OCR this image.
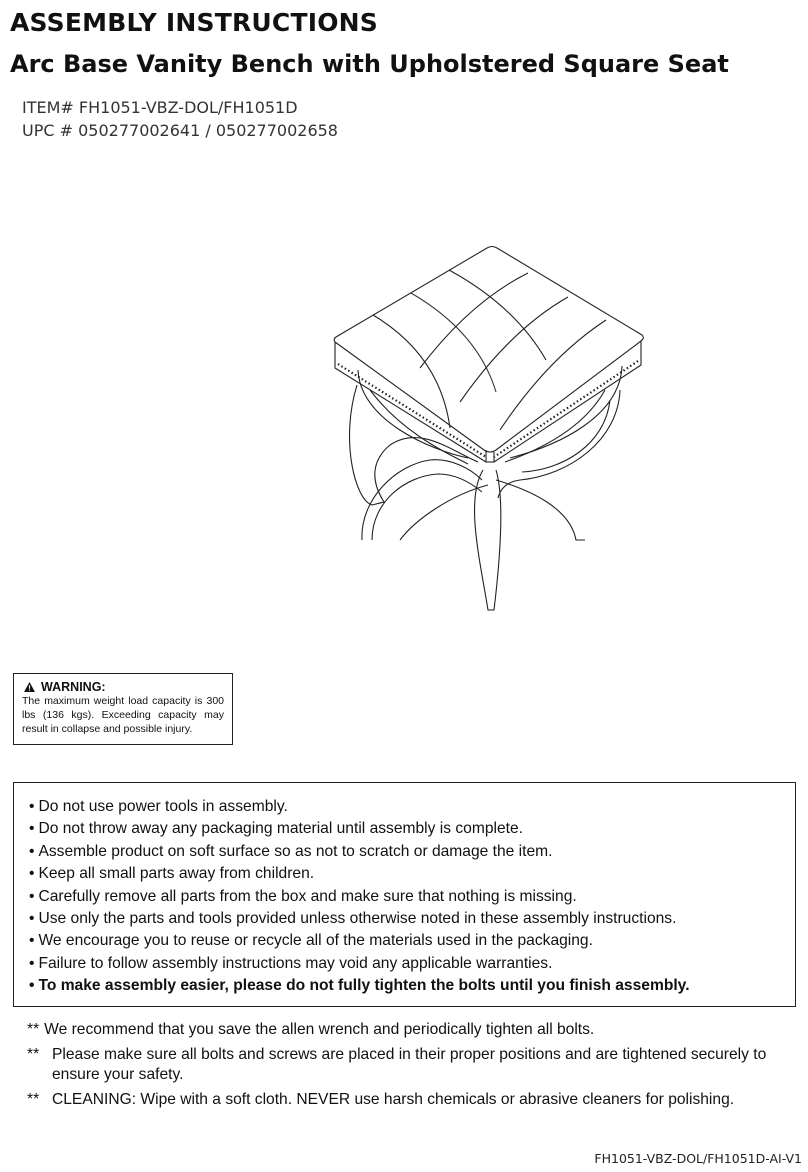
ASSEMBLY INSTRUCTIONS
Arc Base Vanity Bench with Upholstered Square Seat
ITEM# FH1051-VBZ-DOL/FH1051D
UPC # 050277002641 / 050277002658
WARNING:
The maximum weight load capacity is 300 lbs (136 kgs). Exceeding capacity may result in collapse and possible injury.
• Do not use power tools in assembly.
• Do not throw away any packaging material until assembly is complete.
• Assemble product on soft surface so as not to scratch or damage the item.
• Keep all small parts away from children.
• Carefully remove all parts from the box and make sure that nothing is missing.
• Use only the parts and tools provided unless otherwise noted in these assembly instructions.
• We encourage you to reuse or recycle all of the materials used in the packaging.
• Failure to follow assembly instructions may void any applicable warranties.
• To make assembly easier, please do not fully tighten the bolts until you finish assembly.
** We recommend that you save the allen wrench and periodically tighten all bolts.
** Please make sure all bolts and screws are placed in their proper positions and are tightened securely to ensure your safety.
** CLEANING: Wipe with a soft cloth. NEVER use harsh chemicals or abrasive cleaners for polishing.
FH1051-VBZ-DOL/FH1051D-AI-V1
